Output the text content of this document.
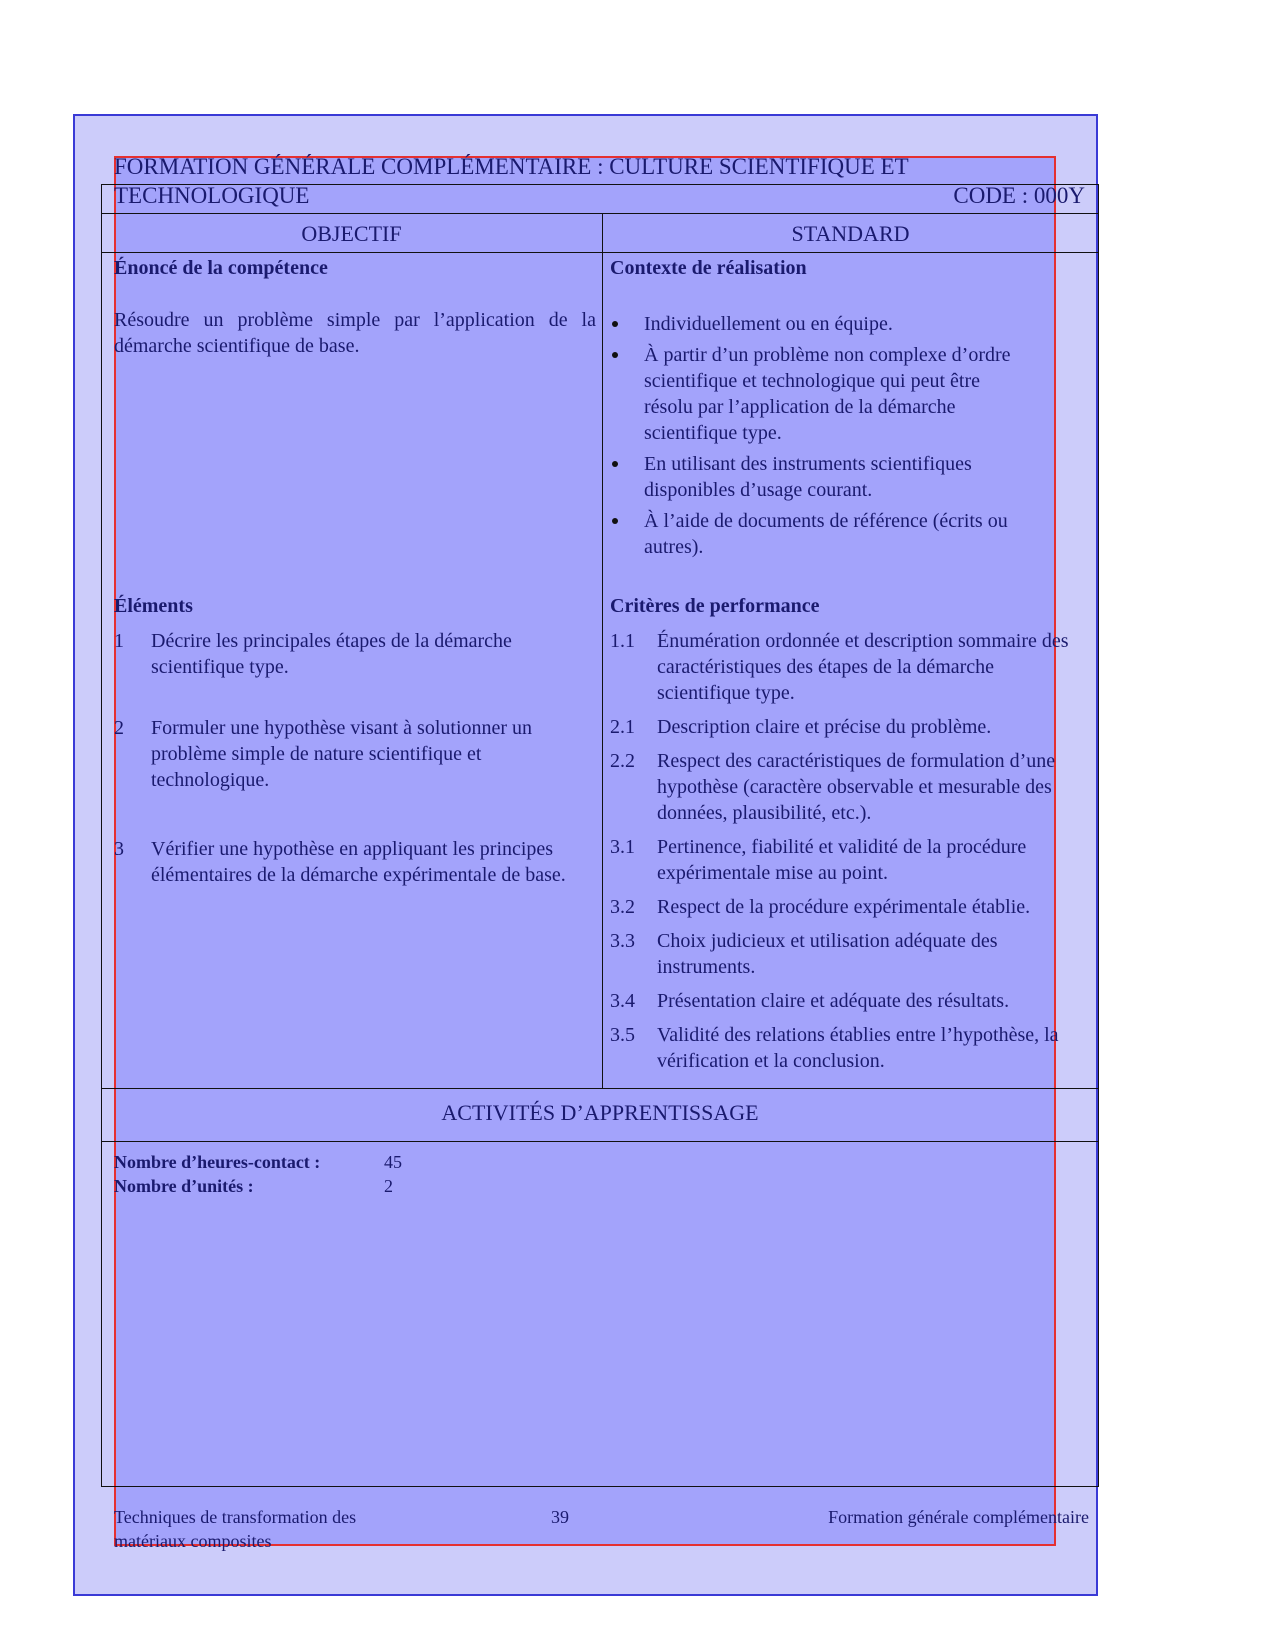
FORMATION GÉNÉRALE COMPLÉMENTAIRE : CULTURE SCIENTIFIQUE ET
TECHNOLOGIQUE	CODE : 000Y
OBJECTIF	STANDARD
Énoncé de la compétence
Résoudre un problème simple par l’application de la démarche scientifique de base.
Contexte de réalisation
Individuellement ou en équipe.
À partir d’un problème non complexe d’ordre scientifique et technologique qui peut être résolu par l’application de la démarche scientifique type.
En utilisant des instruments scientifiques disponibles d’usage courant.
À l’aide de documents de référence (écrits ou autres).
Éléments
1 Décrire les principales étapes de la démarche scientifique type.
2 Formuler une hypothèse visant à solutionner un problème simple de nature scientifique et technologique.
3 Vérifier une hypothèse en appliquant les principes élémentaires de la démarche expérimentale de base.
Critères de performance
1.1 Énumération ordonnée et description sommaire des caractéristiques des étapes de la démarche scientifique type.
2.1 Description claire et précise du problème.
2.2 Respect des caractéristiques de formulation d’une hypothèse (caractère observable et mesurable des données, plausibilité, etc.).
3.1 Pertinence, fiabilité et validité de la procédure expérimentale mise au point.
3.2 Respect de la procédure expérimentale établie.
3.3 Choix judicieux et utilisation adéquate des instruments.
3.4 Présentation claire et adéquate des résultats.
3.5 Validité des relations établies entre l’hypothèse, la vérification et la conclusion.
ACTIVITÉS D’APPRENTISSAGE
Nombre d’heures-contact :	45
Nombre d’unités :	2
Techniques de transformation des matériaux composites
39	Formation générale complémentaire
